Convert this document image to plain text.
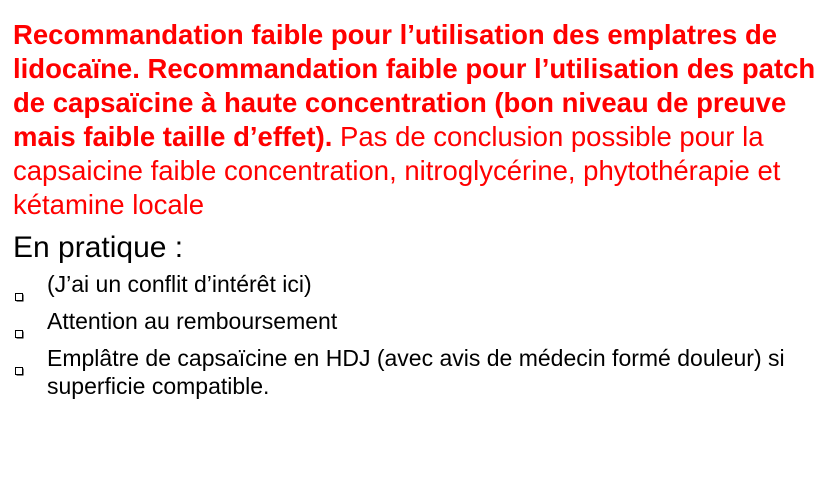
Recommandation faible pour l’utilisation des emplatres de lidocaïne. Recommandation faible pour l’utilisation des patch de capsaïcine à haute concentration (bon niveau de preuve mais faible taille d’effet). Pas de conclusion possible pour la capsaicine faible concentration, nitroglycérine, phytothérapie et kétamine locale

En pratique :
(J’ai un conflit d’intérêt ici)
Attention au remboursement
Emplâtre de capsaïcine en HDJ (avec avis de médecin formé douleur) si superficie compatible.
